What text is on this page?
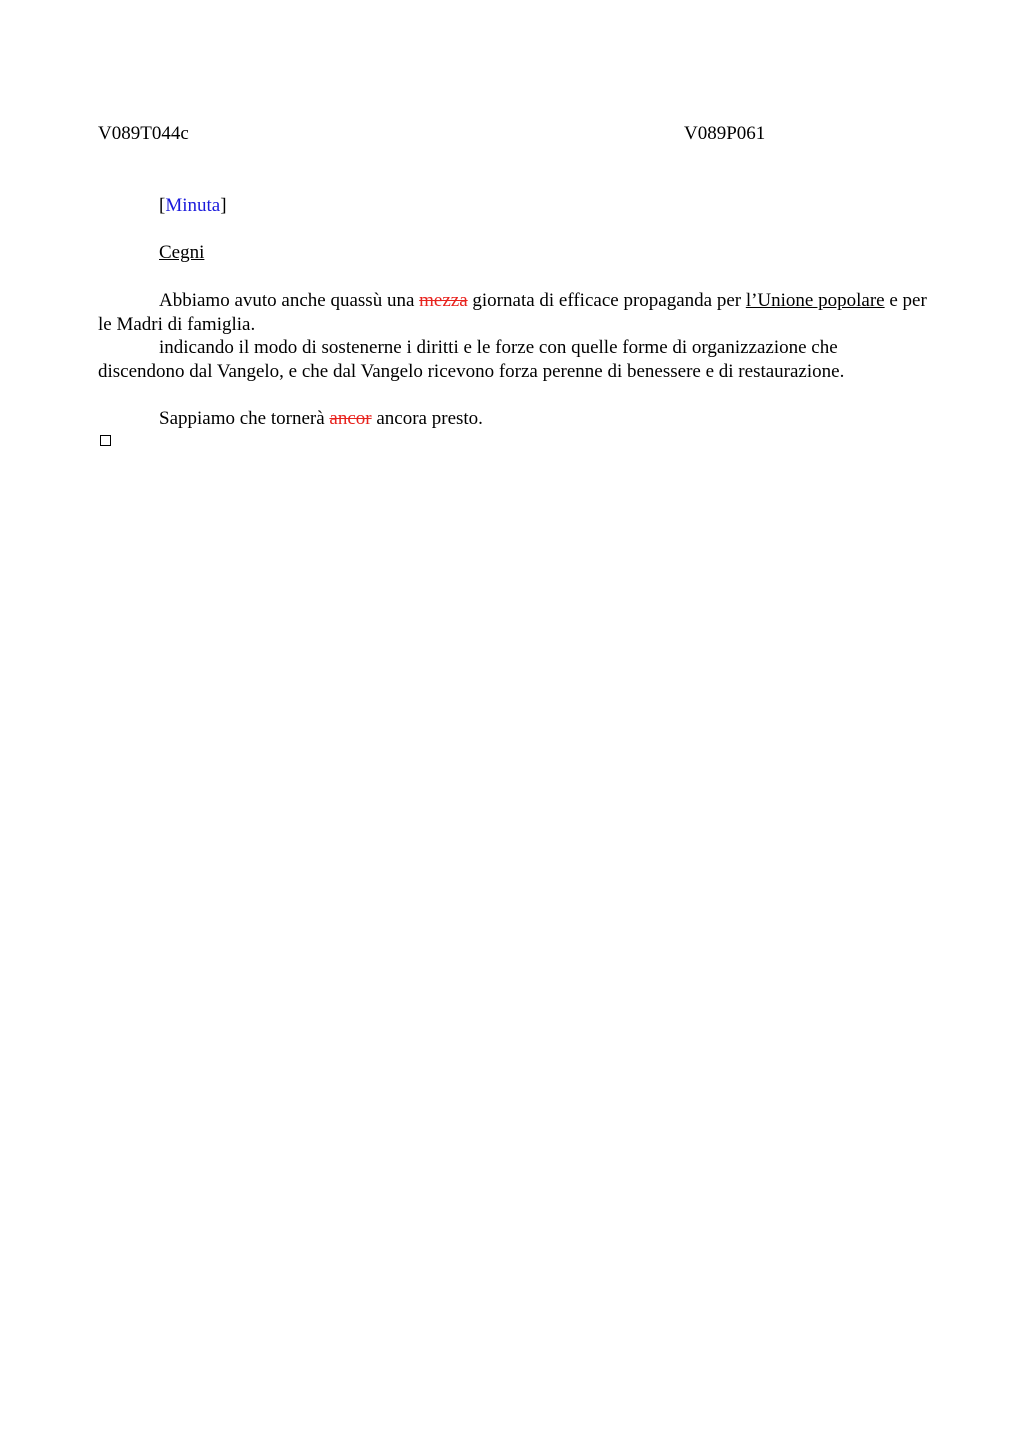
V089T044c	V089P061
[Minuta]
Cegni

Abbiamo avuto anche quassù una mezza giornata di efficace propaganda per l’Unione popolare e per le Madri di famiglia.

indicando il modo di sostenerne i diritti e le forze con quelle forme di organizzazione che discendono dal Vangelo, e che dal Vangelo ricevono forza perenne di benessere e di restaurazione.

Sappiamo che tornerà ancor ancora presto.
